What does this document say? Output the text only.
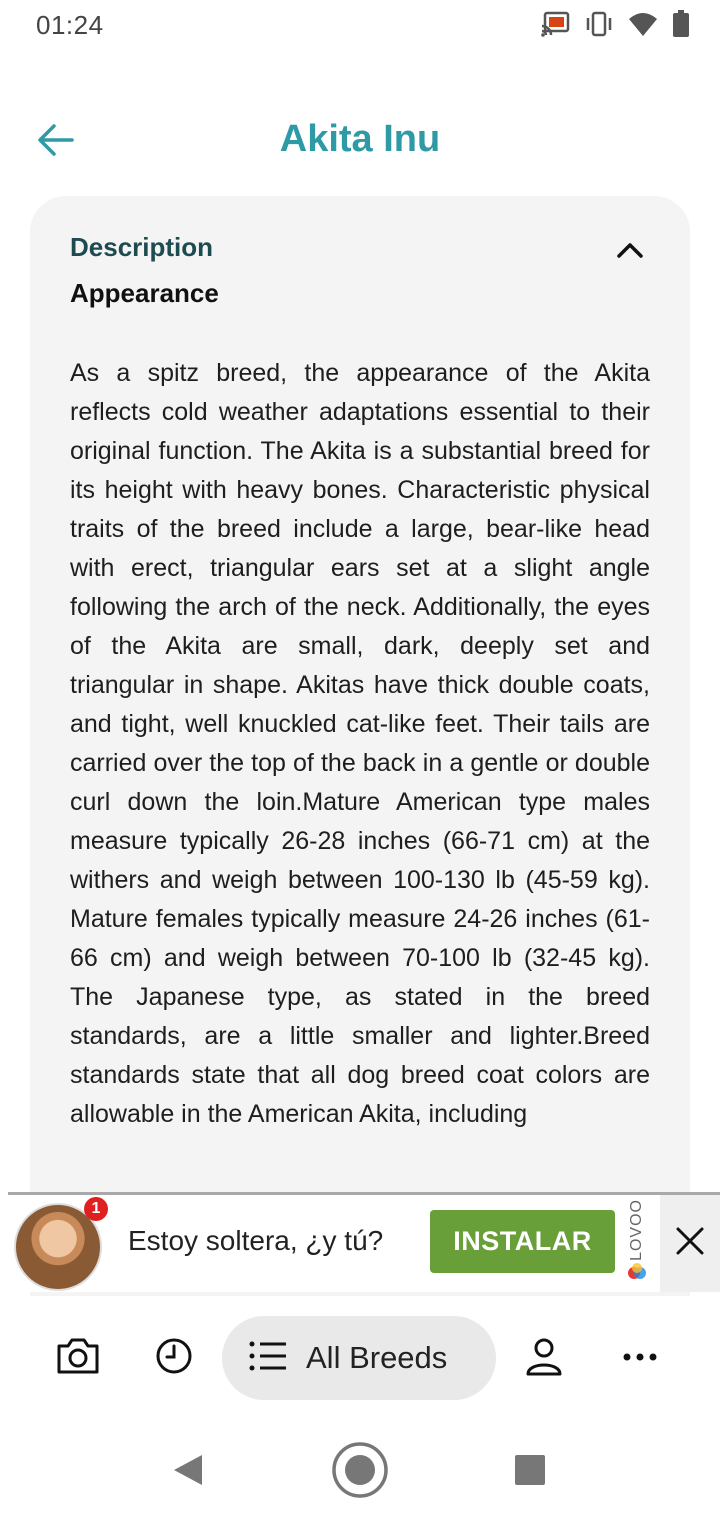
01:24
Akita Inu
Description
Appearance
As a spitz breed, the appearance of the Akita reflects cold weather adaptations essential to their original function. The Akita is a substantial breed for its height with heavy bones. Characteristic physical traits of the breed include a large, bear-like head with erect, triangular ears set at a slight angle following the arch of the neck. Additionally, the eyes of the Akita are small, dark, deeply set and triangular in shape. Akitas have thick double coats, and tight, well knuckled cat-like feet. Their tails are carried over the top of the back in a gentle or double curl down the loin.Mature American type males measure typically 26-28 inches (66-71 cm) at the withers and weigh between 100-130 lb (45-59 kg). Mature females typically measure 24-26 inches (61-66 cm) and weigh between 70-100 lb (32-45 kg). The Japanese type, as stated in the breed standards, are a little smaller and lighter.Breed standards state that all dog breed coat colors are allowable in the American Akita, including
1
Estoy soltera, ¿y tú?	INSTALAR	LOVOO
All Breeds
